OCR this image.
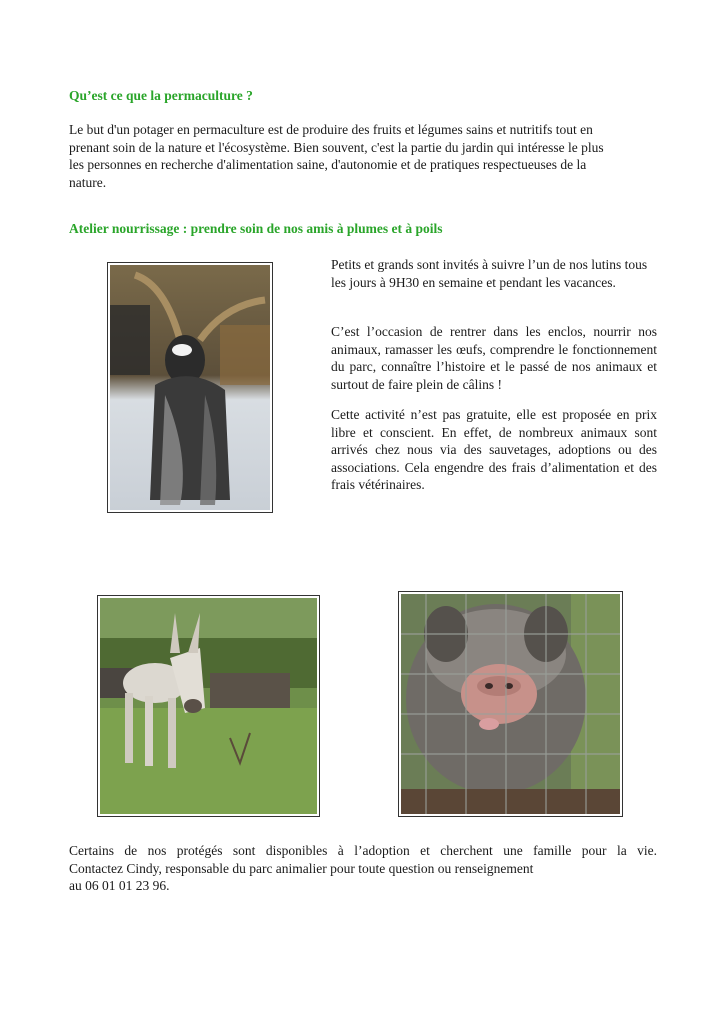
Qu’est ce que la permaculture ?
Le but d'un potager en permaculture est de produire des fruits et légumes sains et nutritifs tout en
prenant soin de la nature et l'écosystème. Bien souvent, c'est la partie du jardin qui intéresse le plus
les personnes en recherche d'alimentation saine, d'autonomie et de pratiques respectueuses de la
nature.
Atelier nourrissage : prendre soin de nos amis à plumes et à poils
Petits et grands sont invités à suivre l’un de nos lutins tous les jours à 9H30 en semaine et pendant les vacances.
C’est l’occasion de rentrer dans les enclos, nourrir nos animaux, ramasser les œufs, comprendre le fonctionnement du parc, connaître l’histoire et le passé de nos animaux et surtout de faire plein de câlins !
Cette activité n’est pas gratuite, elle est proposée en prix libre et conscient. En effet, de nombreux animaux sont arrivés chez nous via des sauvetages, adoptions ou des associations. Cela engendre des frais d’alimentation et des frais vétérinaires.
Certains de nos protégés sont disponibles à l’adoption et cherchent une famille pour la vie.
Contactez Cindy, responsable du parc animalier pour toute question ou renseignement
au 06 01 01 23 96.
